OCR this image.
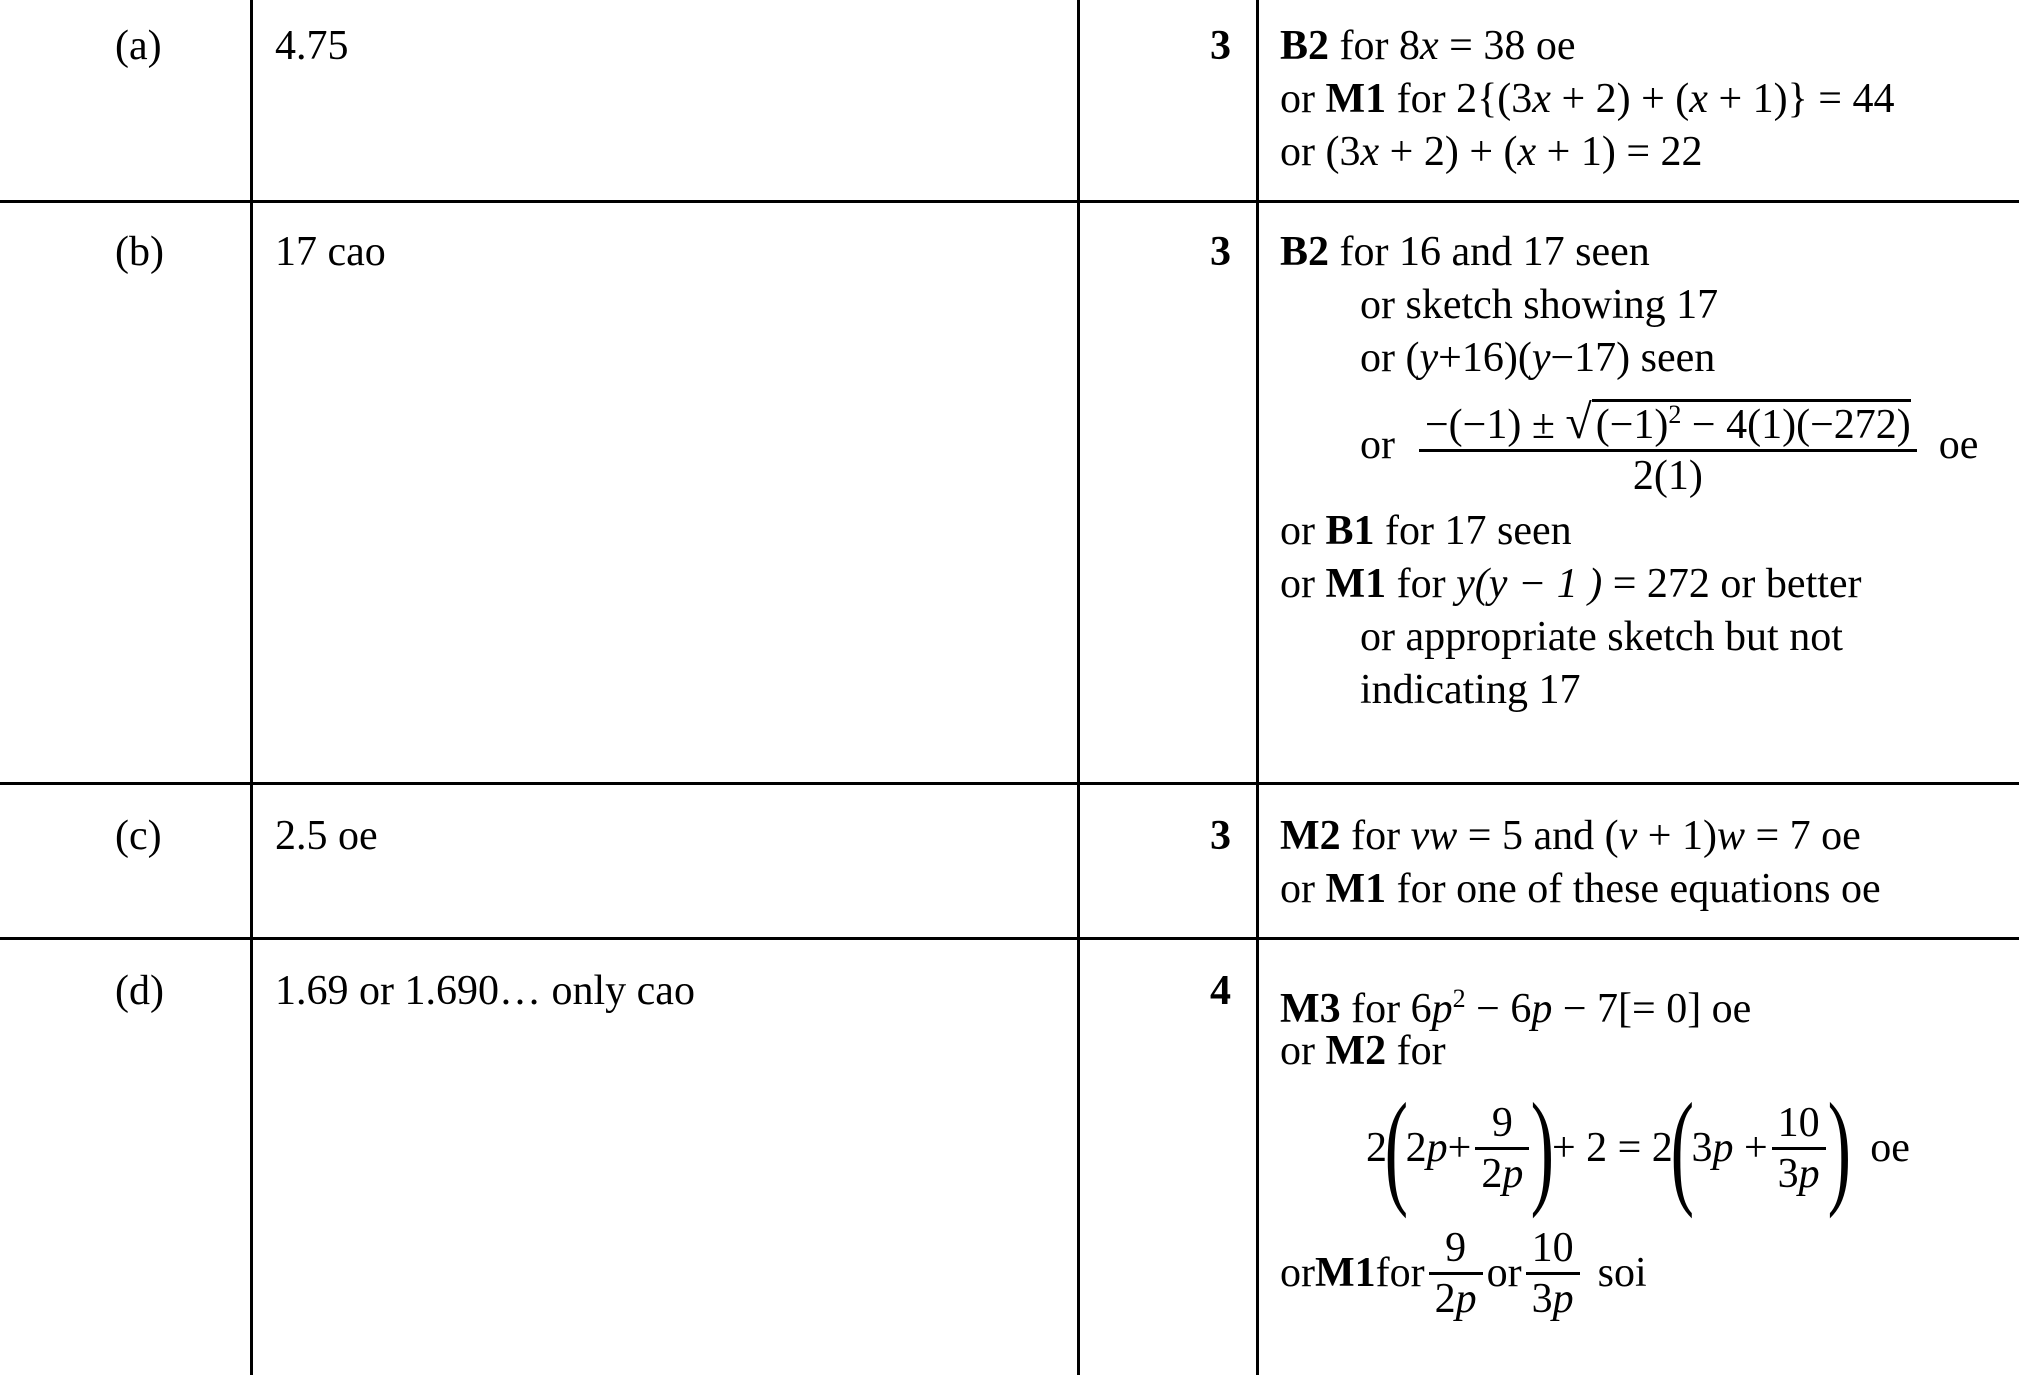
(a)	4.75	3 B2 for 8x = 38 oe
or M1 for 2{(3x + 2) + (x + 1)} = 44
or (3x + 2) + (x + 1) = 22
(b)	17 cao	3 B2 for 16 and 17 seen
or sketch showing 17
or (y+16)(y−17) seen
or $\frac{-(-1) \pm √(-1)^2 - 4(1)(-272)}{2(1)}$ oe
or B1 for 17 seen
or M1 for y(y − 1 ) = 272 or better
or appropriate sketch but not
indicating 17
(c)	2.5 oe	3 M2 for vw = 5 and (v + 1)w = 7 oe
or M1 for one of these equations oe
(d)	1.69 or 1.690… only cao	4 M3 for $6p^2 - 6p - 7[= 0]$ oe
or M2 for
2
(
2 $p + \frac{9}{2p}$ )
+ 2 = 2
(
3 $p + \frac{10}{3p}$ ) oe
or M1 for $\frac{9}{2p}$ or $\frac{10}{3p}$ soi
